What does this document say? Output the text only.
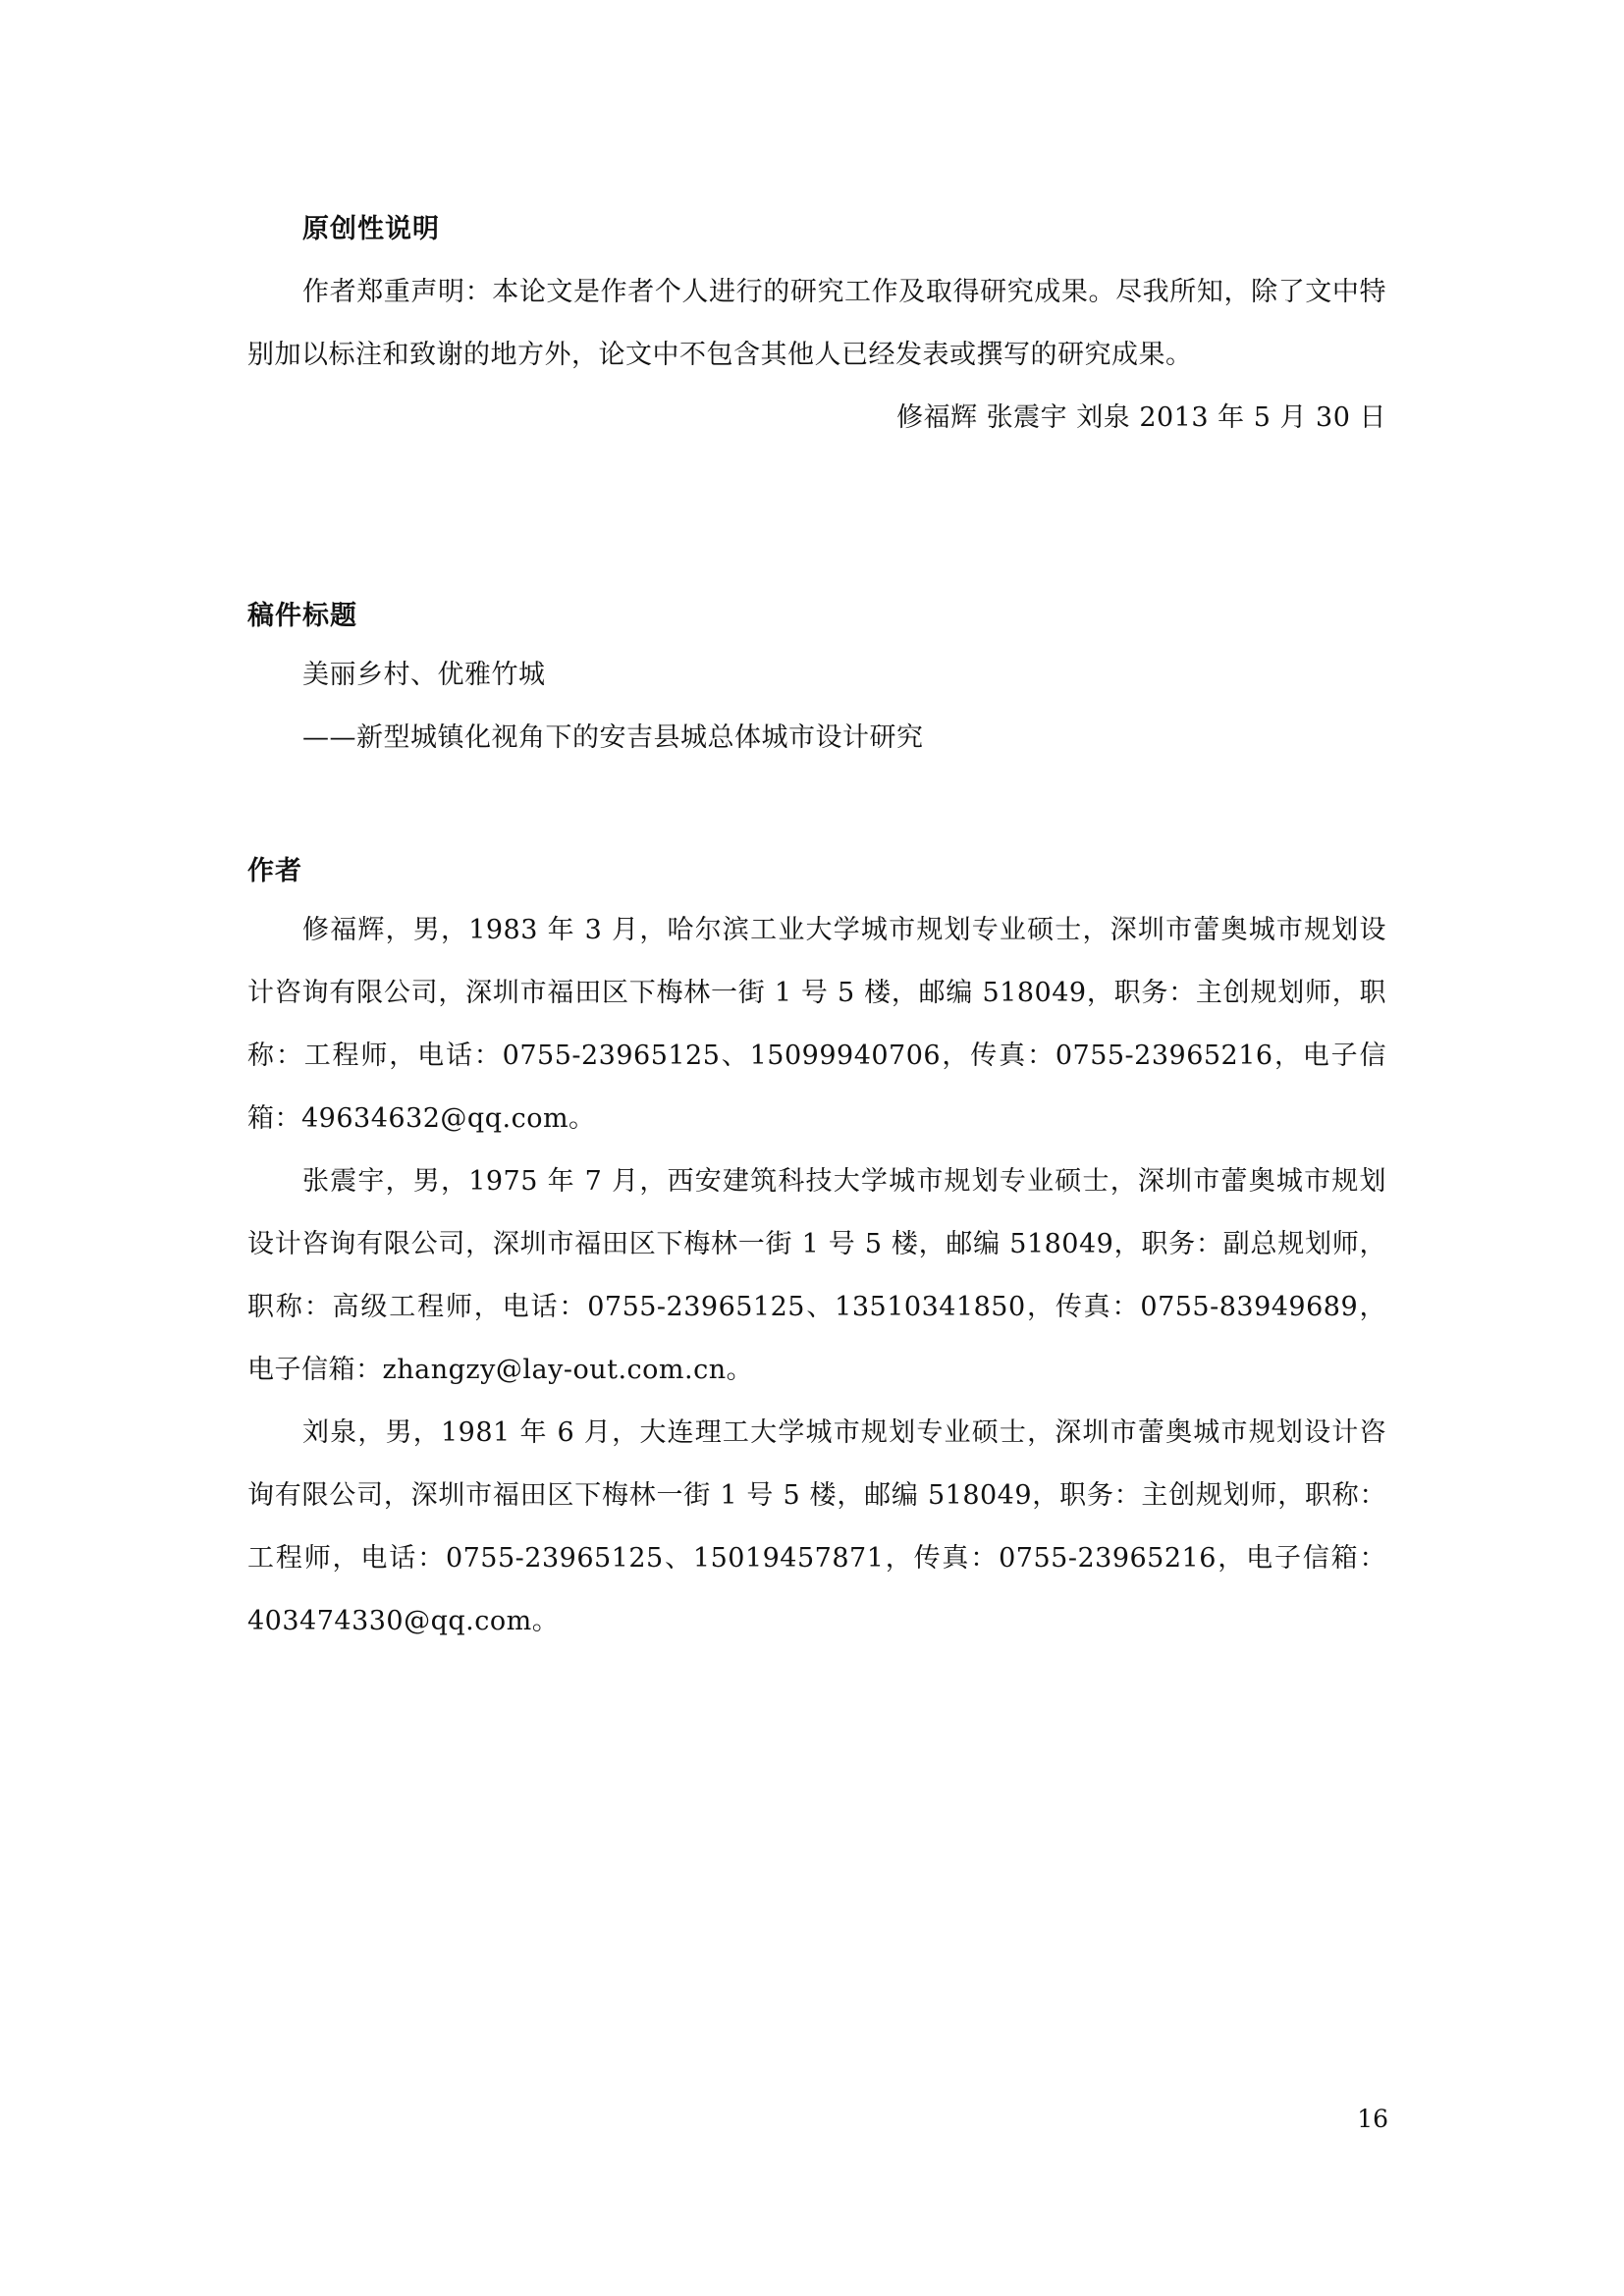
原创性说明

作者郑重声明：本论文是作者个人进行的研究工作及取得研究成果。尽我所知，除了文中特别加以标注和致谢的地方外，论文中不包含其他人已经发表或撰写的研究成果。

修福辉 张震宇 刘泉 2013 年 5 月 30 日

稿件标题

美丽乡村、优雅竹城

——新型城镇化视角下的安吉县城总体城市设计研究

作者

修福辉，男，1983 年 3 月，哈尔滨工业大学城市规划专业硕士，深圳市蕾奥城市规划设计咨询有限公司，深圳市福田区下梅林一街 1 号 5 楼，邮编 518049，职务：主创规划师，职称：工程师，电话：0755-23965125、15099940706，传真：0755-23965216，电子信箱：49634632@qq.com。

张震宇，男，1975 年 7 月，西安建筑科技大学城市规划专业硕士，深圳市蕾奥城市规划设计咨询有限公司，深圳市福田区下梅林一街 1 号 5 楼，邮编 518049，职务：副总规划师，职称：高级工程师，电话：0755-23965125、13510341850，传真：0755-83949689，电子信箱：zhangzy@lay-out.com.cn。

刘泉，男，1981 年 6 月，大连理工大学城市规划专业硕士，深圳市蕾奥城市规划设计咨询有限公司，深圳市福田区下梅林一街 1 号 5 楼，邮编 518049，职务：主创规划师，职称：工程师，电话：0755-23965125、15019457871，传真：0755-23965216，电子信箱：403474330@qq.com。

16
